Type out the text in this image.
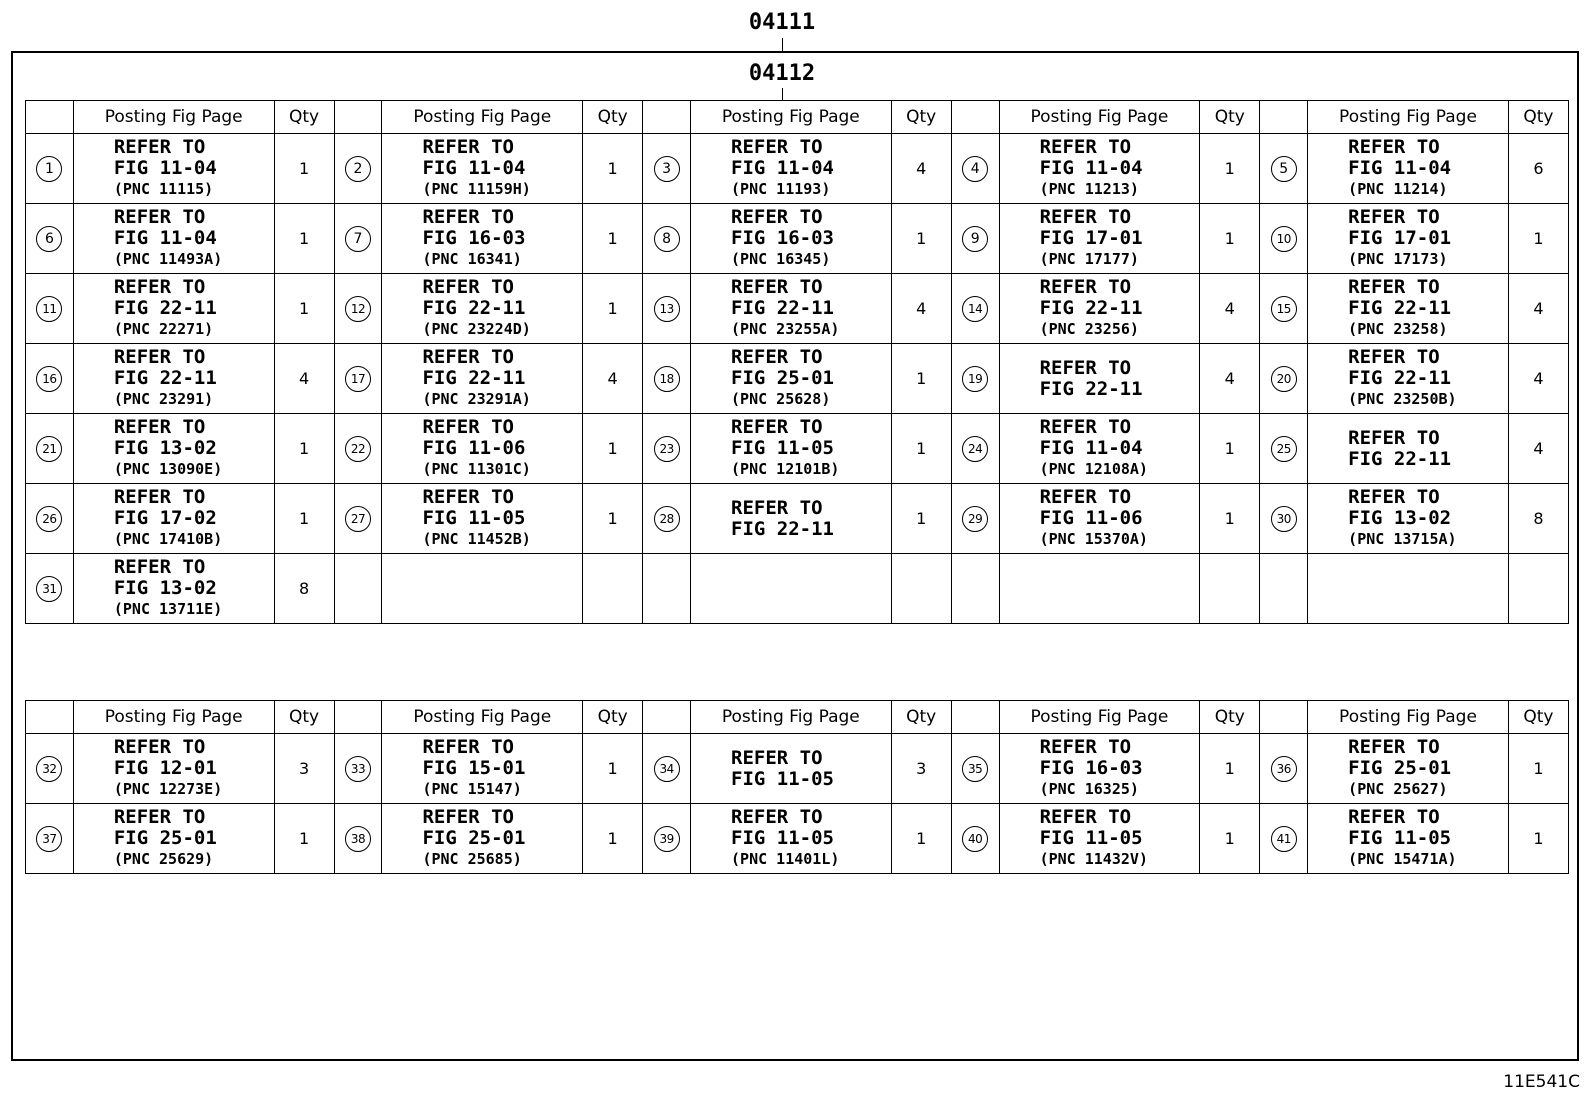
04111
04112
	Posting Fig Page	Qty		Posting Fig Page	Qty		Posting Fig Page	Qty		Posting Fig Page	Qty		Posting Fig Page	Qty
1	REFER TO
FIG 11-04
(PNC 11115)	1	2	REFER TO
FIG 11-04
(PNC 11159H)	1	3	REFER TO
FIG 11-04
(PNC 11193)	4	4	REFER TO
FIG 11-04
(PNC 11213)	1	5	REFER TO
FIG 11-04
(PNC 11214)	6
6	REFER TO
FIG 11-04
(PNC 11493A)	1	7	REFER TO
FIG 16-03
(PNC 16341)	1	8	REFER TO
FIG 16-03
(PNC 16345)	1	9	REFER TO
FIG 17-01
(PNC 17177)	1	10	REFER TO
FIG 17-01
(PNC 17173)	1
11	REFER TO
FIG 22-11
(PNC 22271)	1	12	REFER TO
FIG 22-11
(PNC 23224D)	1	13	REFER TO
FIG 22-11
(PNC 23255A)	4	14	REFER TO
FIG 22-11
(PNC 23256)	4	15	REFER TO
FIG 22-11
(PNC 23258)	4
16	REFER TO
FIG 22-11
(PNC 23291)	4	17	REFER TO
FIG 22-11
(PNC 23291A)	4	18	REFER TO
FIG 25-01
(PNC 25628)	1	19	REFER TO
FIG 22-11	4	20	REFER TO
FIG 22-11
(PNC 23250B)	4
21	REFER TO
FIG 13-02
(PNC 13090E)	1	22	REFER TO
FIG 11-06
(PNC 11301C)	1	23	REFER TO
FIG 11-05
(PNC 12101B)	1	24	REFER TO
FIG 11-04
(PNC 12108A)	1	25	REFER TO
FIG 22-11	4
26	REFER TO
FIG 17-02
(PNC 17410B)	1	27	REFER TO
FIG 11-05
(PNC 11452B)	1	28	REFER TO
FIG 22-11	1	29	REFER TO
FIG 11-06
(PNC 15370A)	1	30	REFER TO
FIG 13-02
(PNC 13715A)	8
31	REFER TO
FIG 13-02
(PNC 13711E)	8												
	Posting Fig Page	Qty		Posting Fig Page	Qty		Posting Fig Page	Qty		Posting Fig Page	Qty		Posting Fig Page	Qty
32	REFER TO
FIG 12-01
(PNC 12273E)	3	33	REFER TO
FIG 15-01
(PNC 15147)	1	34	REFER TO
FIG 11-05	3	35	REFER TO
FIG 16-03
(PNC 16325)	1	36	REFER TO
FIG 25-01
(PNC 25627)	1
37	REFER TO
FIG 25-01
(PNC 25629)	1	38	REFER TO
FIG 25-01
(PNC 25685)	1	39	REFER TO
FIG 11-05
(PNC 11401L)	1	40	REFER TO
FIG 11-05
(PNC 11432V)	1	41	REFER TO
FIG 11-05
(PNC 15471A)	1
11E541C
